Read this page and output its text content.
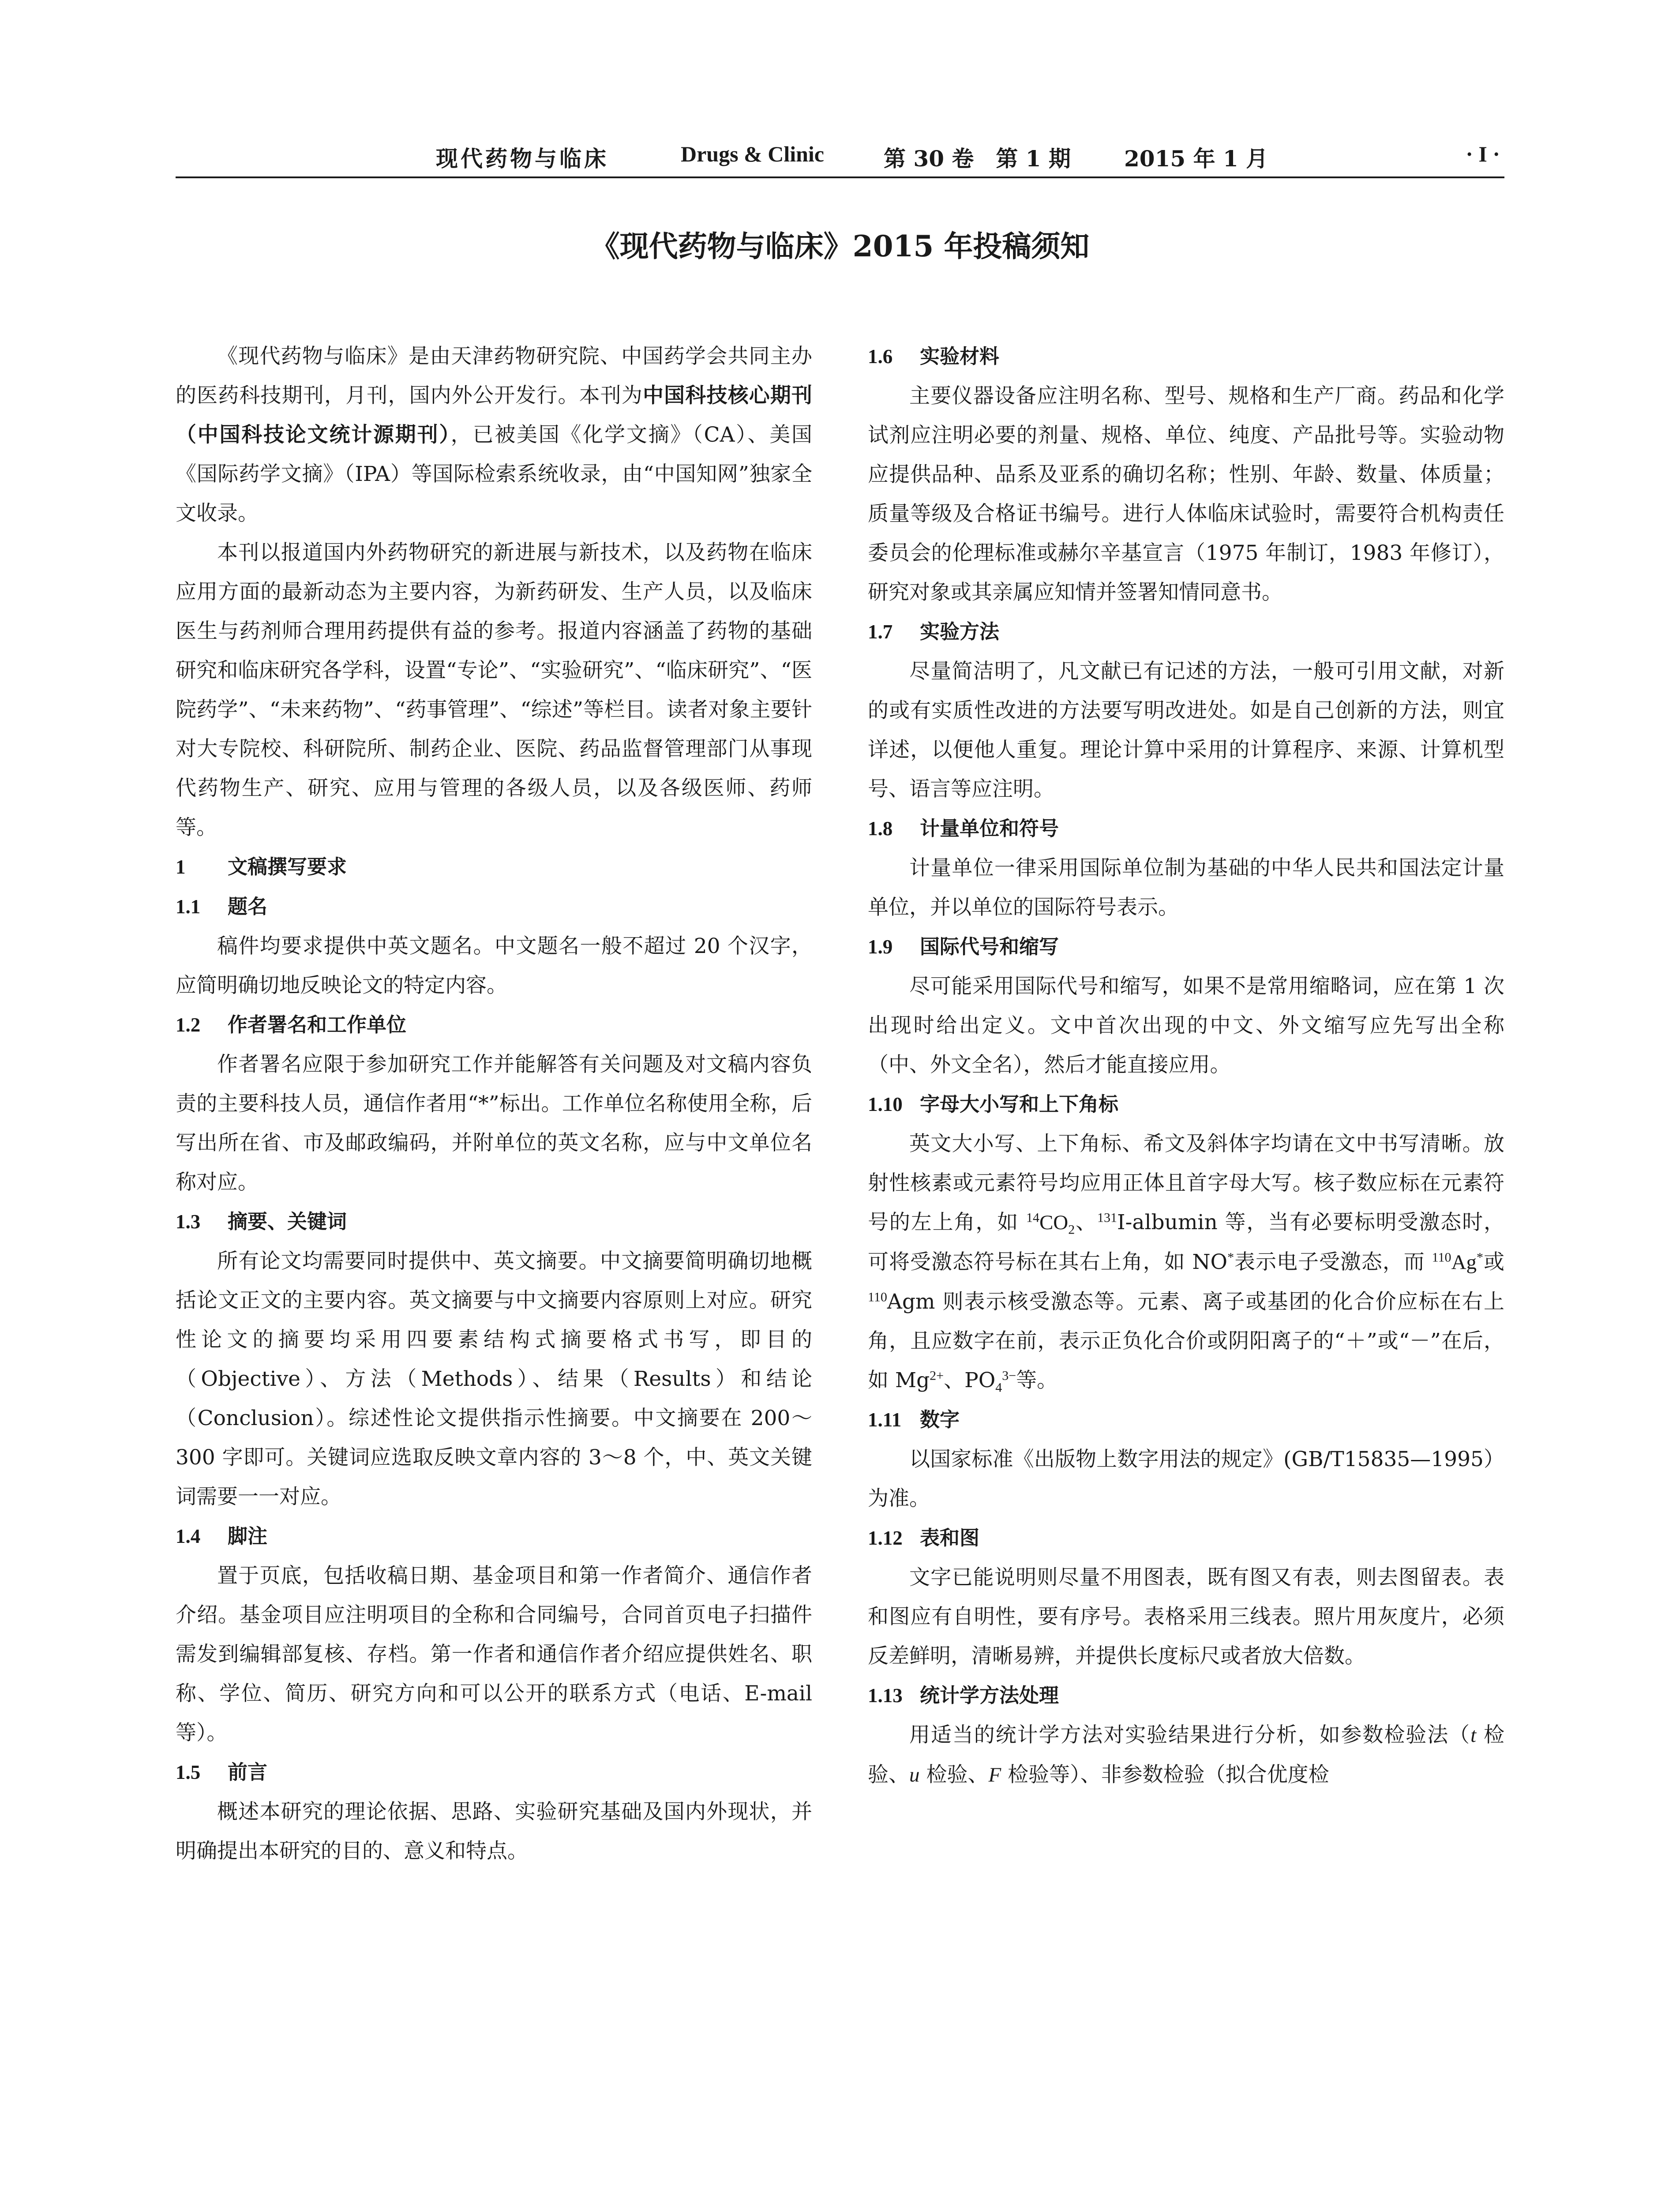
现代药物与临床	Drugs & Clinic	第 30 卷　第 1 期 2015 年 1 月	· I ·
《现代药物与临床》2015 年投稿须知

《现代药物与临床》是由天津药物研究院、中国药学会共同主办的医药科技期刊，月刊，国内外公开发行。本刊为中国科技核心期刊（中国科技论文统计源期刊），已被美国《化学文摘》（CA）、美国《国际药学文摘》（IPA）等国际检索系统收录，由“中国知网”独家全文收录。

本刊以报道国内外药物研究的新进展与新技术，以及药物在临床应用方面的最新动态为主要内容，为新药研发、生产人员，以及临床医生与药剂师合理用药提供有益的参考。报道内容涵盖了药物的基础研究和临床研究各学科，设置“专论”、“实验研究”、“临床研究”、“医院药学”、“未来药物”、“药事管理”、“综述”等栏目。读者对象主要针对大专院校、科研院所、制药企业、医院、药品监督管理部门从事现代药物生产、研究、应用与管理的各级人员，以及各级医师、药师等。

1 文稿撰写要求
1.1 题名

稿件均要求提供中英文题名。中文题名一般不超过 20 个汉字，应简明确切地反映论文的特定内容。

1.2 作者署名和工作单位

作者署名应限于参加研究工作并能解答有关问题及对文稿内容负责的主要科技人员，通信作者用“*”标出。工作单位名称使用全称，后写出所在省、市及邮政编码，并附单位的英文名称，应与中文单位名称对应。

1.3 摘要、关键词

所有论文均需要同时提供中、英文摘要。中文摘要简明确切地概括论文正文的主要内容。英文摘要与中文摘要内容原则上对应。研究性论文的摘要均采用四要素结构式摘要格式书写，即目的（Objective）、方法（Methods）、结果（Results）和结论（Conclusion）。综述性论文提供指示性摘要。中文摘要在 200～300 字即可。关键词应选取反映文章内容的 3～8 个，中、英文关键词需要一一对应。

1.4 脚注

置于页底，包括收稿日期、基金项目和第一作者简介、通信作者介绍。基金项目应注明项目的全称和合同编号，合同首页电子扫描件需发到编辑部复核、存档。第一作者和通信作者介绍应提供姓名、职称、学位、简历、研究方向和可以公开的联系方式（电话、E-mail 等）。

1.5 前言

概述本研究的理论依据、思路、实验研究基础及国内外现状，并明确提出本研究的目的、意义和特点。

1.6 实验材料

主要仪器设备应注明名称、型号、规格和生产厂商。药品和化学试剂应注明必要的剂量、规格、单位、纯度、产品批号等。实验动物应提供品种、品系及亚系的确切名称；性别、年龄、数量、体质量；质量等级及合格证书编号。进行人体临床试验时，需要符合机构责任委员会的伦理标准或赫尔辛基宣言（1975 年制订，1983 年修订），研究对象或其亲属应知情并签署知情同意书。

1.7 实验方法

尽量简洁明了，凡文献已有记述的方法，一般可引用文献，对新的或有实质性改进的方法要写明改进处。如是自己创新的方法，则宜详述，以便他人重复。理论计算中采用的计算程序、来源、计算机型号、语言等应注明。

1.8 计量单位和符号

计量单位一律采用国际单位制为基础的中华人民共和国法定计量单位，并以单位的国际符号表示。

1.9 国际代号和缩写

尽可能采用国际代号和缩写，如果不是常用缩略词，应在第 1 次出现时给出定义。文中首次出现的中文、外文缩写应先写出全称（中、外文全名），然后才能直接应用。

1.10 字母大小写和上下角标

英文大小写、上下角标、希文及斜体字均请在文中书写清晰。放射性核素或元素符号均应用正体且首字母大写。核子数应标在元素符号的左上角，如 $^{14}CO_2$、$^{131}$I-albumin 等，当有必要标明受激态时，可将受激态符号标在其右上角，如 NO*表示电子受激态，而 $^{110}$Ag*或 $^{110}$Agm 则表示核受激态等。元素、离子或基团的化合价应标在右上角，且应数字在前，表示正负化合价或阴阳离子的“＋”或“－”在后，如 $Mg^{2+}$、$PO_4^{3-}$等。

1.11 数字

以国家标准《出版物上数字用法的规定》(GB/T15835—1995）为准。

1.12 表和图

文字已能说明则尽量不用图表，既有图又有表，则去图留表。表和图应有自明性，要有序号。表格采用三线表。照片用灰度片，必须反差鲜明，清晰易辨，并提供长度标尺或者放大倍数。

1.13 统计学方法处理

用适当的统计学方法对实验结果进行分析，如参数检验法（t 检验、u 检验、F 检验等）、非参数检验（拟合优度检
